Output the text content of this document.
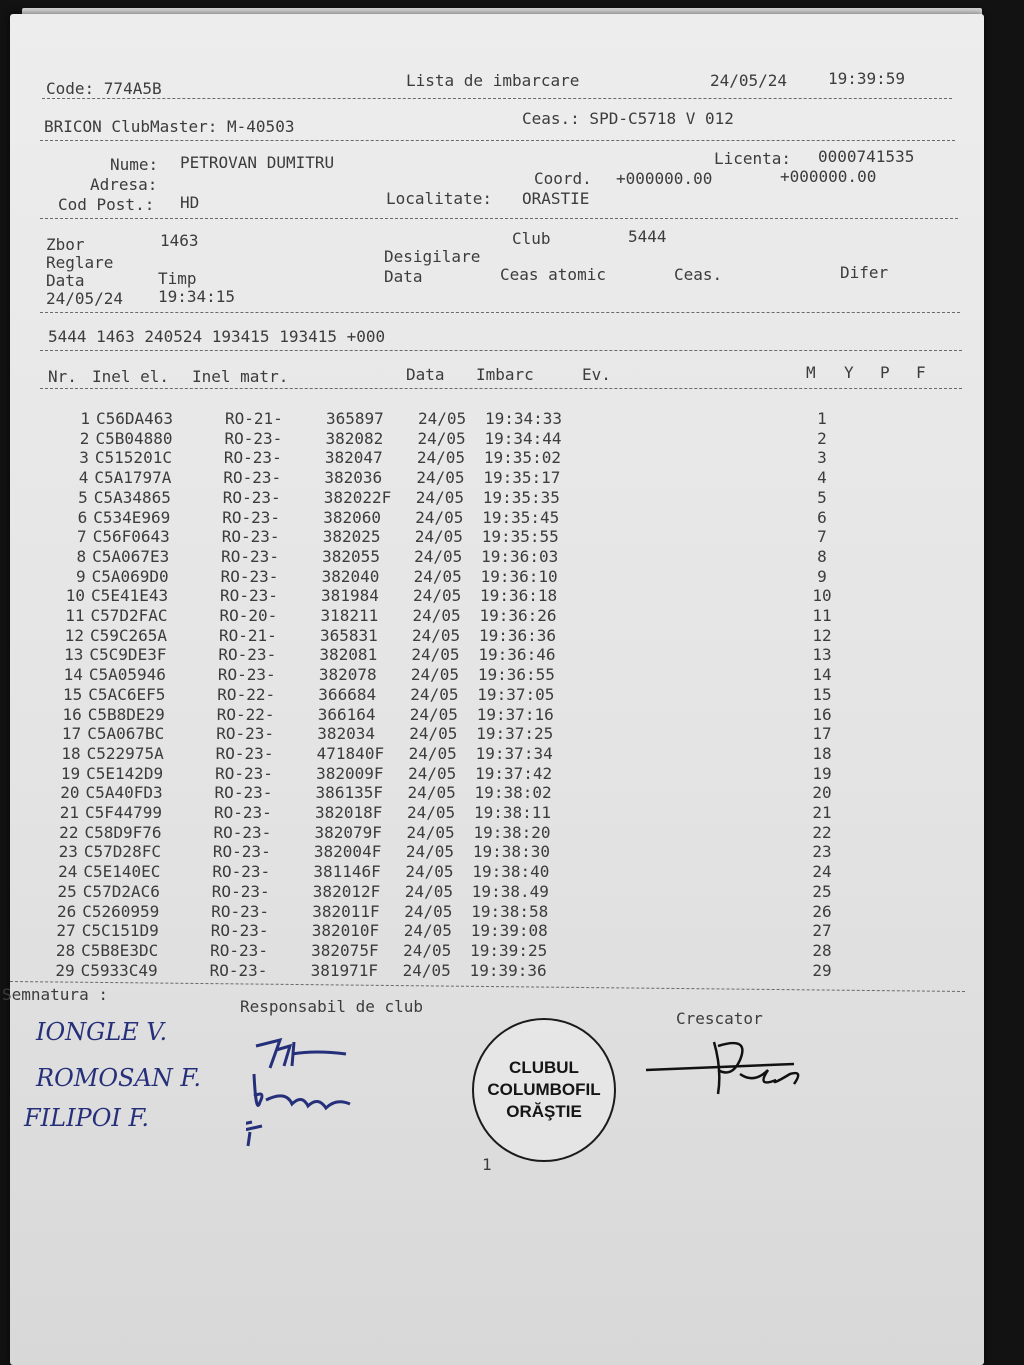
Code: 774A5B	Lista de imbarcare	24/05/24	19:39:59
BRICON ClubMaster: M-40503	Ceas.: SPD-C5718 V 012
Nume: PETROVAN DUMITRU	Licenta: 0000741535
Adresa:	Coord. +000000.00	+000000.00
Cod Post.: HD	Localitate: ORASTIE
Zbor	1463	Club	5444
Reglare	Desigilare
Data	Timp	Data	Ceas atomic	Ceas.	Difer
24/05/24 19:34:15
5444 1463 240524 193415 193415 +000
Nr. Inel el. Inel matr.	Data Imbarc	Ev.	M Y P F
1 C56DA463	RO-21-	365897 24/05 19:34:33	1
2 C5B04880	RO-23-	382082 24/05 19:34:44	2
3 C515201C	RO-23-	382047 24/05 19:35:02	3
4 C5A1797A	RO-23-	382036 24/05 19:35:17	4
5 C5A34865	RO-23-	382022F 24/05 19:35:35	5
6 C534E969	RO-23-	382060 24/05 19:35:45	6
7 C56F0643	RO-23-	382025 24/05 19:35:55	7
8 C5A067E3	RO-23-	382055 24/05 19:36:03	8
9 C5A069D0	RO-23-	382040 24/05 19:36:10	9
10 C5E41E43	RO-23-	381984 24/05 19:36:18	10
11 C57D2FAC	RO-20-	318211 24/05 19:36:26	11
12 C59C265A	RO-21-	365831 24/05 19:36:36	12
13 C5C9DE3F	RO-23-	382081 24/05 19:36:46	13
14 C5A05946	RO-23-	382078 24/05 19:36:55	14
15 C5AC6EF5	RO-22-	366684 24/05 19:37:05	15
16 C5B8DE29	RO-22-	366164 24/05 19:37:16	16
17 C5A067BC	RO-23-	382034 24/05 19:37:25	17
18 C522975A	RO-23-	471840F 24/05 19:37:34	18
19 C5E142D9	RO-23-	382009F 24/05 19:37:42	19
20 C5A40FD3	RO-23-	386135F 24/05 19:38:02	20
21 C5F44799	RO-23-	382018F 24/05 19:38:11	21
22 C58D9F76	RO-23-	382079F 24/05 19:38:20	22
23 C57D28FC	RO-23-	382004F 24/05 19:38:30	23
24 C5E140EC	RO-23-	381146F 24/05 19:38:40	24
25 C57D2AC6	RO-23-	382012F 24/05 19:38.49	25
26 C5260959	RO-23-	382011F 24/05 19:38:58	26
27 C5C151D9	RO-23-	382010F 24/05 19:39:08	27
28 C5B8E3DC	RO-23-	382075F 24/05 19:39:25	28
29 C5933C49	RO-23-	381971F 24/05 19:39:36	29
Semnatura :
Responsabil de club
Crescator
IONGLE V.
ROMOSAN F.
FILIPOI F.
CLUBUL
COLUMBOFIL
ORĂŞTIE
1
